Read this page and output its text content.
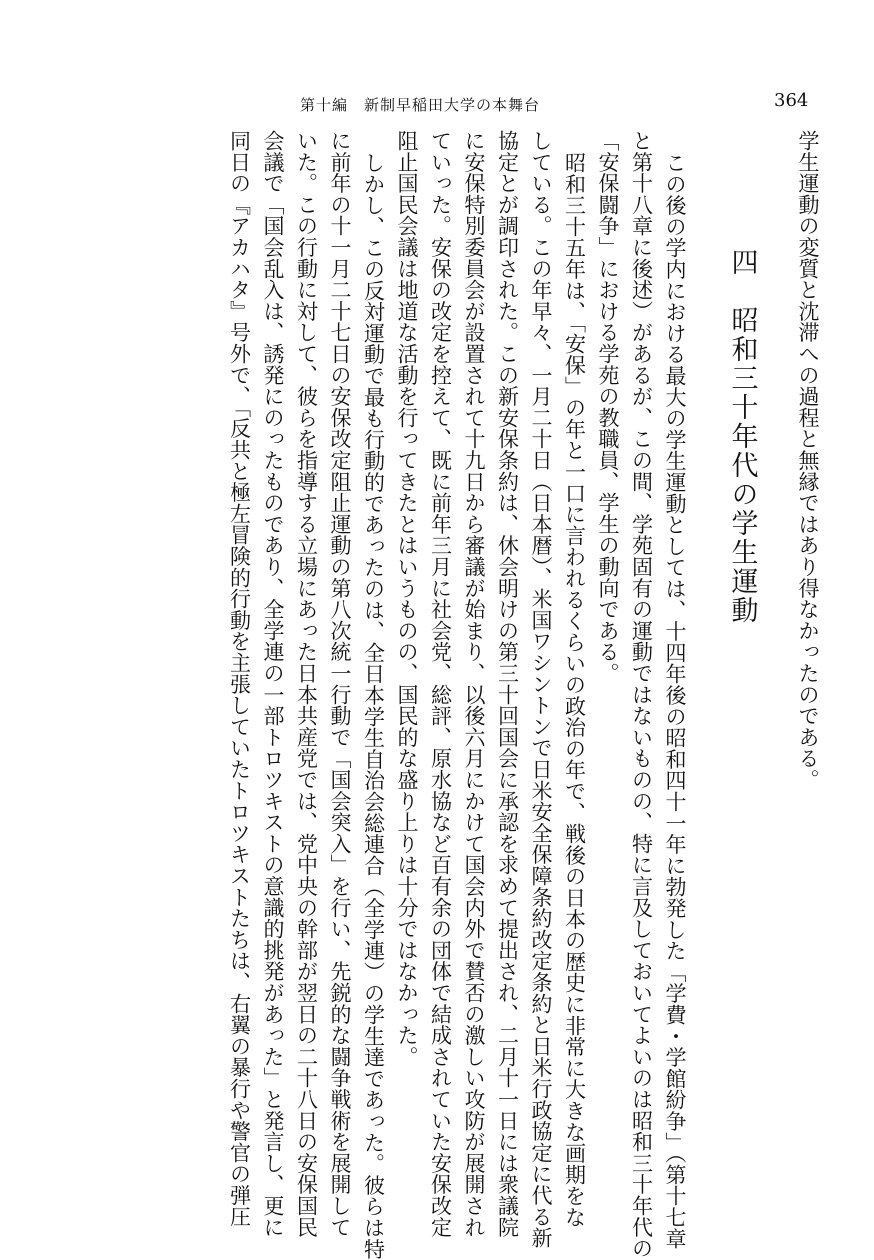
第十編　新制早稲田大学の本舞台	364
学生運動の変質と沈滞への過程と無縁ではあり得なかったのである。
四　昭和三十年代の学生運動
この後の学内における最大の学生運動としては、十四年後の昭和四十一年に勃発した「学費・学館紛争」（第十七章
と第十八章に後述）があるが、この間、学苑固有の運動ではないものの、特に言及しておいてよいのは昭和三十年代の
「安保闘争」における学苑の教職員、学生の動向である。
昭和三十五年は、「安保」の年と一口に言われるくらいの政治の年で、戦後の日本の歴史に非常に大きな画期をな
している。この年早々、一月二十日（日本暦）、米国ワシントンで日米安全保障条約改定条約と日米行政協定に代る新
協定とが調印された。この新安保条約は、休会明けの第三十回国会に承認を求めて提出され、二月十一日には衆議院
に安保特別委員会が設置されて十九日から審議が始まり、以後六月にかけて国会内外で賛否の激しい攻防が展開され
ていった。安保の改定を控えて、既に前年三月に社会党、総評、原水協など百有余の団体で結成されていた安保改定
阻止国民会議は地道な活動を行ってきたとはいうものの、国民的な盛り上りは十分ではなかった。
しかし、この反対運動で最も行動的であったのは、全日本学生自治会総連合（全学連）の学生達であった。彼らは特
に前年の十一月二十七日の安保改定阻止運動の第八次統一行動で「国会突入」を行い、先鋭的な闘争戦術を展開して
いた。この行動に対して、彼らを指導する立場にあった日本共産党では、党中央の幹部が翌日の二十八日の安保国民
会議で「国会乱入は、誘発にのったものであり、全学連の一部トロツキストの意識的挑発があった」と発言し、更に
同日の『アカハタ』号外で、「反共と極左冒険的行動を主張していたトロツキストたちは、右翼の暴行や警官の弾圧
